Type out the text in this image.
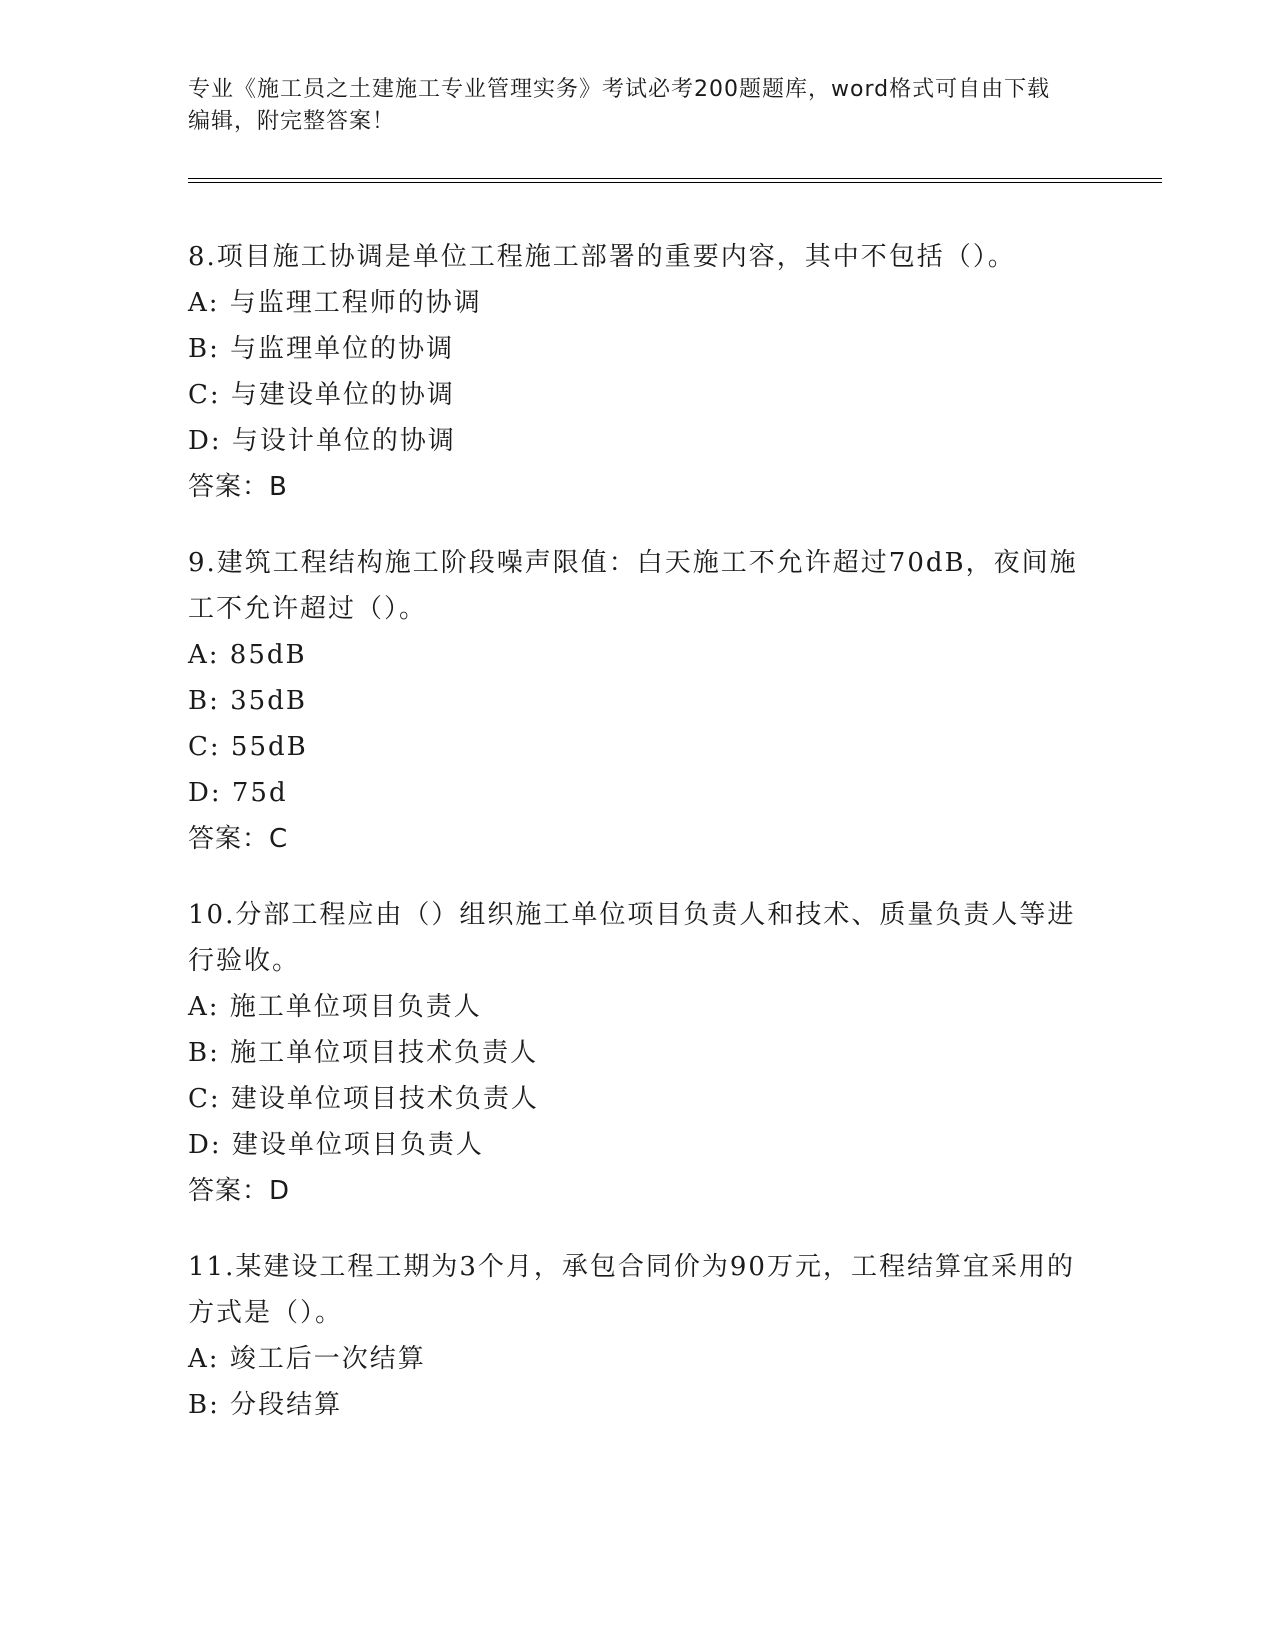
专业《施工员之土建施工专业管理实务》考试必考200题题库，word格式可自由下载编辑，附完整答案！

8.项目施工协调是单位工程施工部署的重要内容，其中不包括（）。

A: 与监理工程师的协调

B: 与监理单位的协调

C: 与建设单位的协调

D: 与设计单位的协调

答案：B

9.建筑工程结构施工阶段噪声限值：白天施工不允许超过70dB，夜间施工不允许超过（）。

A: 85dB

B: 35dB

C: 55dB

D: 75d

答案：C

10.分部工程应由（）组织施工单位项目负责人和技术、质量负责人等进行验收。

A: 施工单位项目负责人

B: 施工单位项目技术负责人

C: 建设单位项目技术负责人

D: 建设单位项目负责人

答案：D

11.某建设工程工期为3个月，承包合同价为90万元，工程结算宜采用的方式是（）。

A: 竣工后一次结算

B: 分段结算
